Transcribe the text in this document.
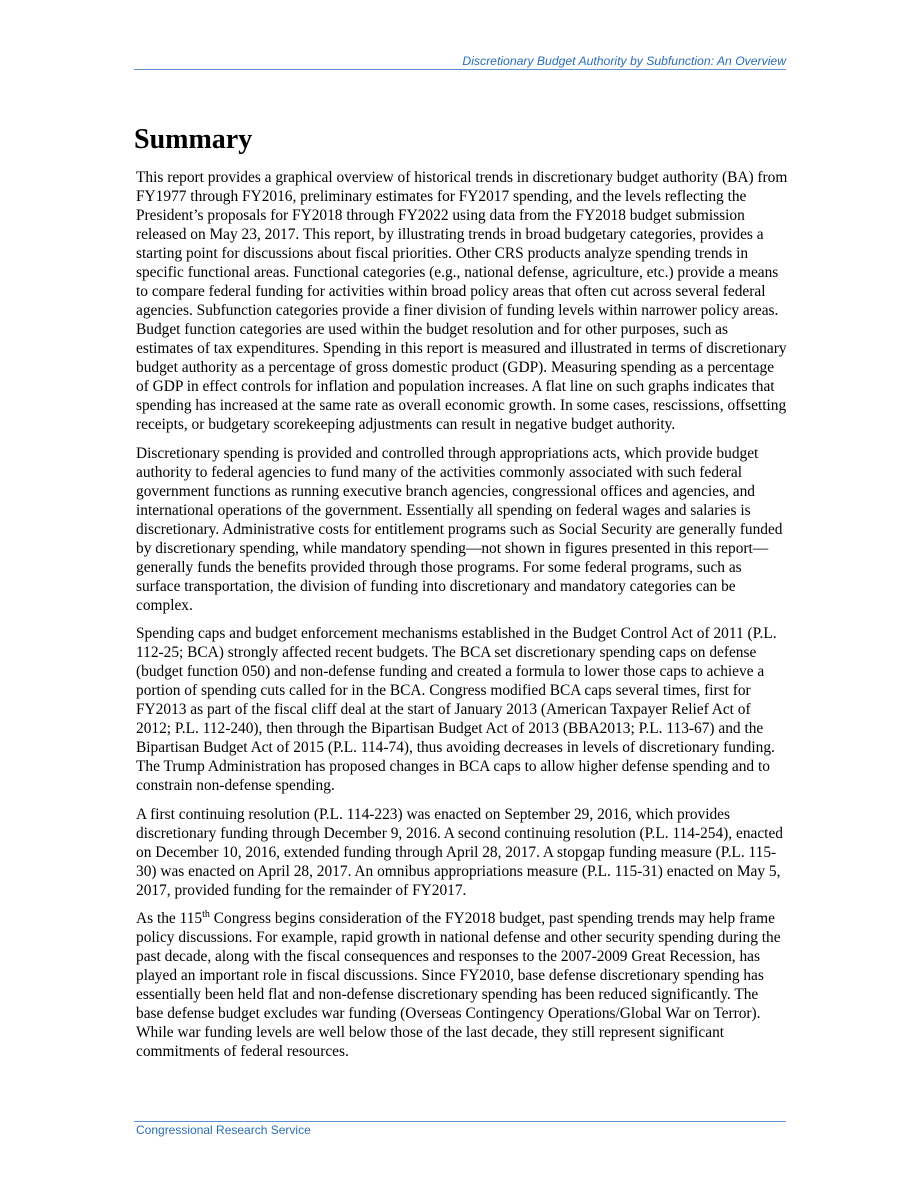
Discretionary Budget Authority by Subfunction: An Overview
Summary

This report provides a graphical overview of historical trends in discretionary budget authority (BA) from FY1977 through FY2016, preliminary estimates for FY2017 spending, and the levels reflecting the President’s proposals for FY2018 through FY2022 using data from the FY2018 budget submission released on May 23, 2017. This report, by illustrating trends in broad budgetary categories, provides a starting point for discussions about fiscal priorities. Other CRS products analyze spending trends in specific functional areas. Functional categories (e.g., national defense, agriculture, etc.) provide a means to compare federal funding for activities within broad policy areas that often cut across several federal agencies. Subfunction categories provide a finer division of funding levels within narrower policy areas. Budget function categories are used within the budget resolution and for other purposes, such as estimates of tax expenditures. Spending in this report is measured and illustrated in terms of discretionary budget authority as a percentage of gross domestic product (GDP). Measuring spending as a percentage of GDP in effect controls for inflation and population increases. A flat line on such graphs indicates that spending has increased at the same rate as overall economic growth. In some cases, rescissions, offsetting receipts, or budgetary scorekeeping adjustments can result in negative budget authority.

Discretionary spending is provided and controlled through appropriations acts, which provide budget authority to federal agencies to fund many of the activities commonly associated with such federal government functions as running executive branch agencies, congressional offices and agencies, and international operations of the government. Essentially all spending on federal wages and salaries is discretionary. Administrative costs for entitlement programs such as Social Security are generally funded by discretionary spending, while mandatory spending—not shown in figures presented in this report—generally funds the benefits provided through those programs. For some federal programs, such as surface transportation, the division of funding into discretionary and mandatory categories can be complex.

Spending caps and budget enforcement mechanisms established in the Budget Control Act of 2011 (P.L. 112-25; BCA) strongly affected recent budgets. The BCA set discretionary spending caps on defense (budget function 050) and non-defense funding and created a formula to lower those caps to achieve a portion of spending cuts called for in the BCA. Congress modified BCA caps several times, first for FY2013 as part of the fiscal cliff deal at the start of January 2013 (American Taxpayer Relief Act of 2012; P.L. 112-240), then through the Bipartisan Budget Act of 2013 (BBA2013; P.L. 113-67) and the Bipartisan Budget Act of 2015 (P.L. 114-74), thus avoiding decreases in levels of discretionary funding. The Trump Administration has proposed changes in BCA caps to allow higher defense spending and to constrain non-defense spending.

A first continuing resolution (P.L. 114-223) was enacted on September 29, 2016, which provides discretionary funding through December 9, 2016. A second continuing resolution (P.L. 114-254), enacted on December 10, 2016, extended funding through April 28, 2017. A stopgap funding measure (P.L. 115-30) was enacted on April 28, 2017. An omnibus appropriations measure (P.L. 115-31) enacted on May 5, 2017, provided funding for the remainder of FY2017.

As the 115th Congress begins consideration of the FY2018 budget, past spending trends may help frame policy discussions. For example, rapid growth in national defense and other security spending during the past decade, along with the fiscal consequences and responses to the 2007-2009 Great Recession, has played an important role in fiscal discussions. Since FY2010, base defense discretionary spending has essentially been held flat and non-defense discretionary spending has been reduced significantly. The base defense budget excludes war funding (Overseas Contingency Operations/Global War on Terror). While war funding levels are well below those of the last decade, they still represent significant commitments of federal resources.

Congressional Research Service
